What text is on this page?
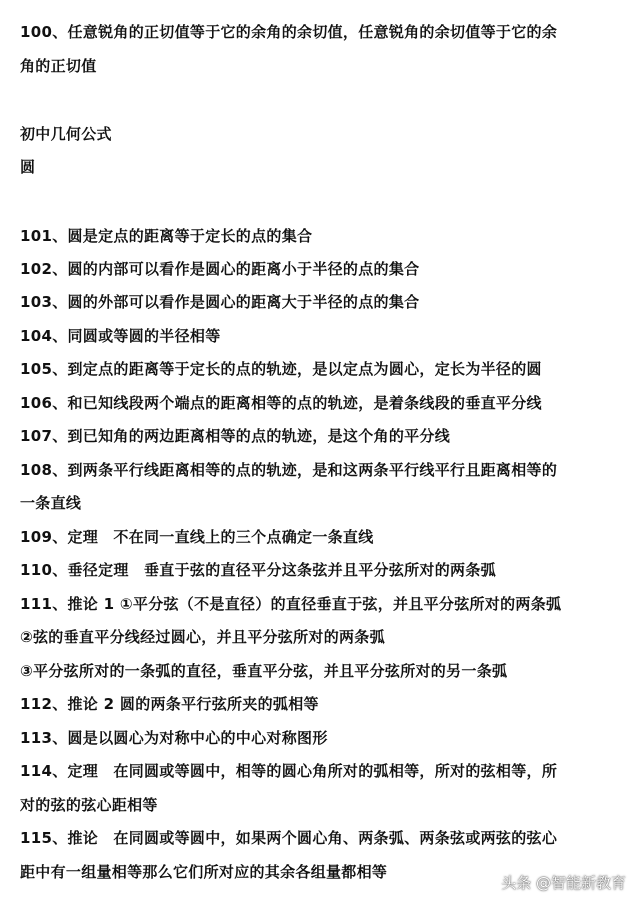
100、任意锐角的正切值等于它的余角的余切值，任意锐角的余切值等于它的余
角的正切值
初中几何公式
圆
101、圆是定点的距离等于定长的点的集合
102、圆的内部可以看作是圆心的距离小于半径的点的集合
103、圆的外部可以看作是圆心的距离大于半径的点的集合
104、同圆或等圆的半径相等
105、到定点的距离等于定长的点的轨迹，是以定点为圆心，定长为半径的圆
106、和已知线段两个端点的距离相等的点的轨迹，是着条线段的垂直平分线
107、到已知角的两边距离相等的点的轨迹，是这个角的平分线
108、到两条平行线距离相等的点的轨迹，是和这两条平行线平行且距离相等的
一条直线
109、定理　不在同一直线上的三个点确定一条直线
110、垂径定理　垂直于弦的直径平分这条弦并且平分弦所对的两条弧
111、推论 1 ①平分弦（不是直径）的直径垂直于弦，并且平分弦所对的两条弧
②弦的垂直平分线经过圆心，并且平分弦所对的两条弧
③平分弦所对的一条弧的直径，垂直平分弦，并且平分弦所对的另一条弧
112、推论 2 圆的两条平行弦所夹的弧相等
113、圆是以圆心为对称中心的中心对称图形
114、定理　在同圆或等圆中，相等的圆心角所对的弧相等，所对的弦相等，所
对的弦的弦心距相等
115、推论　在同圆或等圆中，如果两个圆心角、两条弧、两条弦或两弦的弦心
距中有一组量相等那么它们所对应的其余各组量都相等
头条 @智能新教育
